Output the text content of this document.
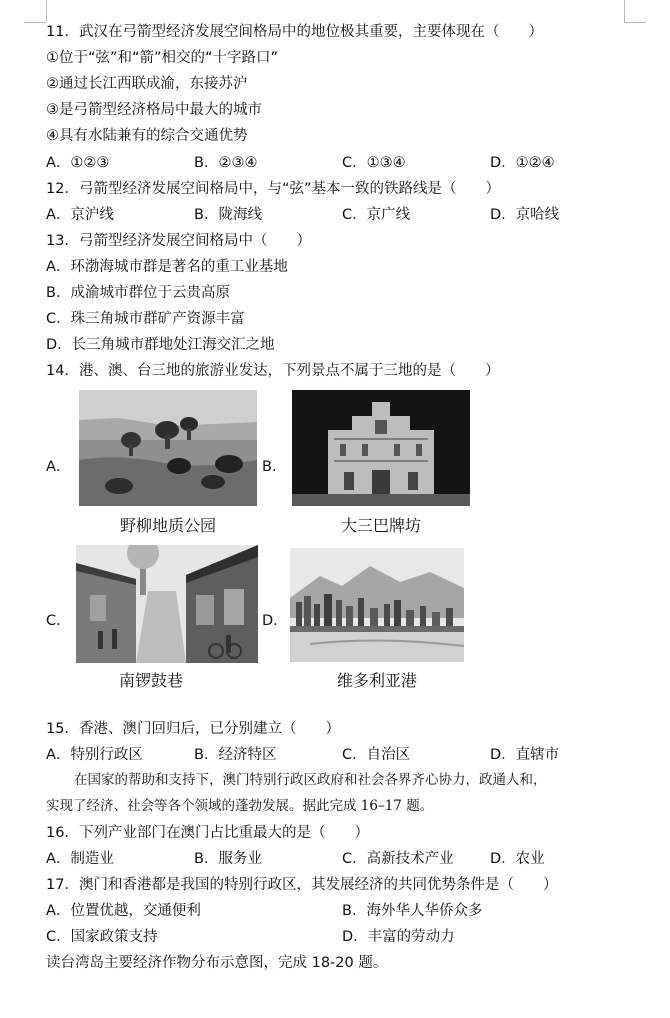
11．武汉在弓箭型经济发展空间格局中的地位极其重要，主要体现在（　　）
①位于“弦”和“箭”相交的“十字路口”
②通过长江西联成渝，东接苏沪
③是弓箭型经济格局中最大的城市
④具有水陆兼有的综合交通优势
A．①②③	B．②③④	C．①③④	D．①②④
12．弓箭型经济发展空间格局中，与“弦”基本一致的铁路线是（　　）
A．京沪线	B．陇海线	C．京广线	D．京哈线
13．弓箭型经济发展空间格局中（　　）
A．环渤海城市群是著名的重工业基地
B．成渝城市群位于云贵高原
C．珠三角城市群矿产资源丰富
D．长三角城市群地处江海交汇之地
14．港、澳、台三地的旅游业发达，下列景点不属于三地的是（　　）
A．
野柳地质公园
B．
大三巴牌坊
C．
南锣鼓巷
D．
维多利亚港
15．香港、澳门回归后，已分别建立（　　）
A．特别行政区	B．经济特区	C．自治区	D．直辖市
在国家的帮助和支持下，澳门特别行政区政府和社会各界齐心协力，政通人和，
实现了经济、社会等各个领域的蓬勃发展。据此完成 16–17 题。
16．下列产业部门在澳门占比重最大的是（　　）
A．制造业	B．服务业	C．高新技术产业	D．农业
17．澳门和香港都是我国的特别行政区，其发展经济的共同优势条件是（　　）
A．位置优越，交通便利	B．海外华人华侨众多
C．国家政策支持	D．丰富的劳动力
读台湾岛主要经济作物分布示意图，完成 18-20 题。
